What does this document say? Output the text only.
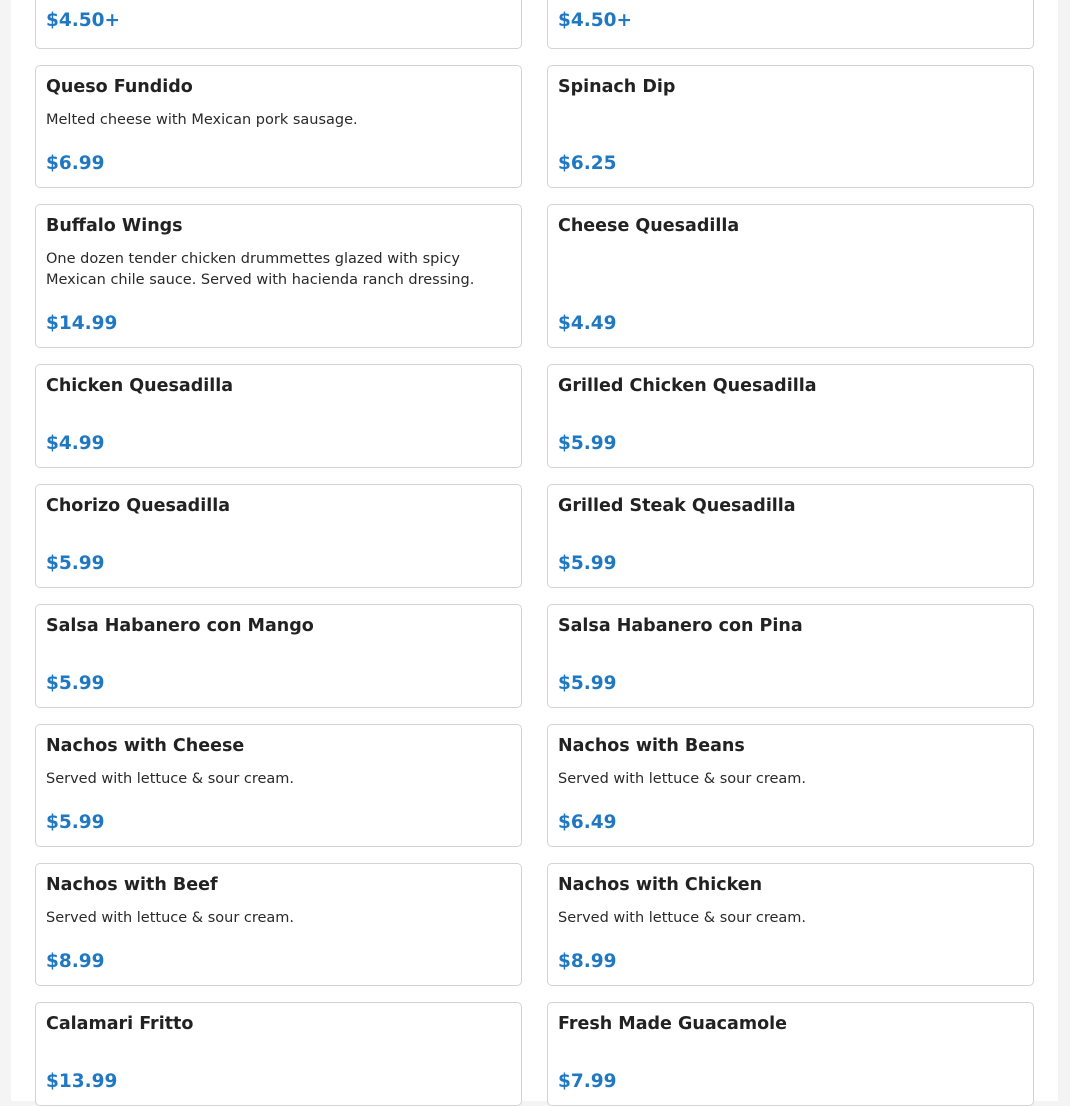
$4.50+	$4.50+
Queso Fundido
Melted cheese with Mexican pork sausage.
$6.99
Spinach Dip
$6.25
Buffalo Wings
One dozen tender chicken drummettes glazed with spicy Mexican chile sauce. Served with hacienda ranch dressing.
$14.99
Cheese Quesadilla
$4.49
Chicken Quesadilla
$4.99
Grilled Chicken Quesadilla
$5.99
Chorizo Quesadilla
$5.99
Grilled Steak Quesadilla
$5.99
Salsa Habanero con Mango
$5.99
Salsa Habanero con Pina
$5.99
Nachos with Cheese
Served with lettuce & sour cream.
$5.99
Nachos with Beans
Served with lettuce & sour cream.
$6.49
Nachos with Beef
Served with lettuce & sour cream.
$8.99
Nachos with Chicken
Served with lettuce & sour cream.
$8.99
Calamari Fritto
$13.99
Fresh Made Guacamole
$7.99
